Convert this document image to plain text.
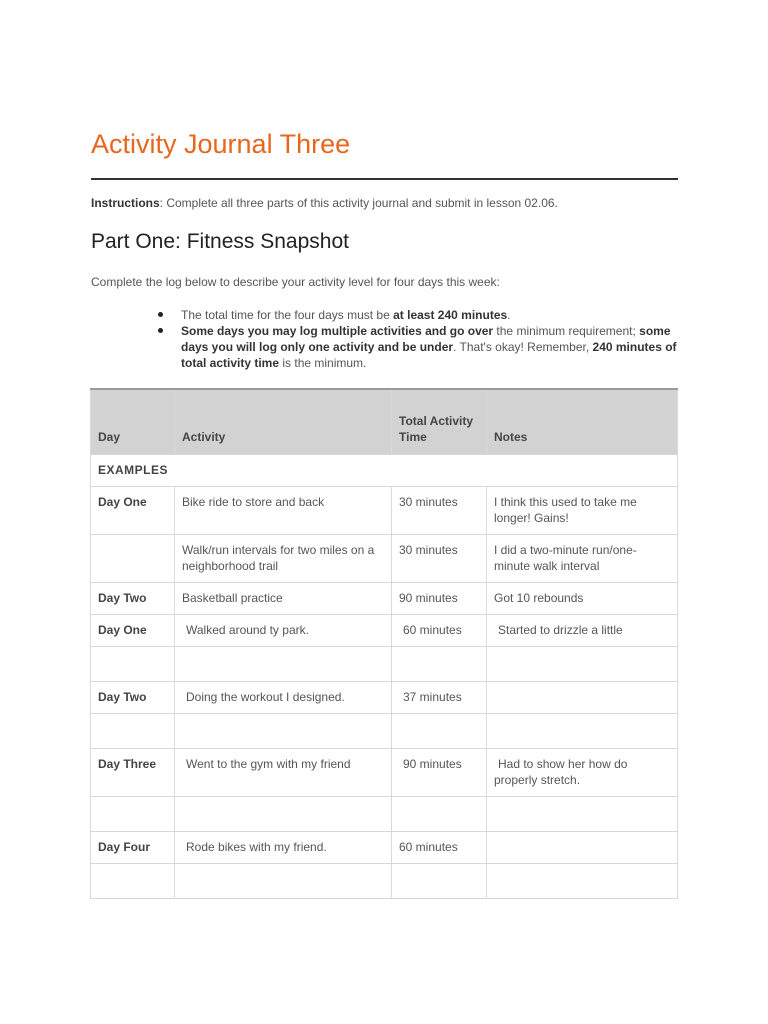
Activity Journal Three
Instructions: Complete all three parts of this activity journal and submit in lesson 02.06.
Part One: Fitness Snapshot
Complete the log below to describe your activity level for four days this week:
The total time for the four days must be at least 240 minutes.
Some days you may log multiple activities and go over the minimum requirement; some days you will log only one activity and be under. That's okay! Remember, 240 minutes of total activity time is the minimum.
Day	Activity	Total Activity Time	Notes
EXAMPLES			
Day One	Bike ride to store and back	30 minutes	I think this used to take me longer! Gains!
	Walk/run intervals for two miles on a neighborhood trail	30 minutes	I did a two-minute run/one-minute walk interval
Day Two	Basketball practice	90 minutes	Got 10 rebounds
Day One	Walked around ty park.	60 minutes	Started to drizzle a little

Day Two	Doing the workout I designed.	37 minutes	

Day Three	Went to the gym with my friend	90 minutes	Had to show her how do properly stretch.

Day Four	Rode bikes with my friend.	60 minutes	
